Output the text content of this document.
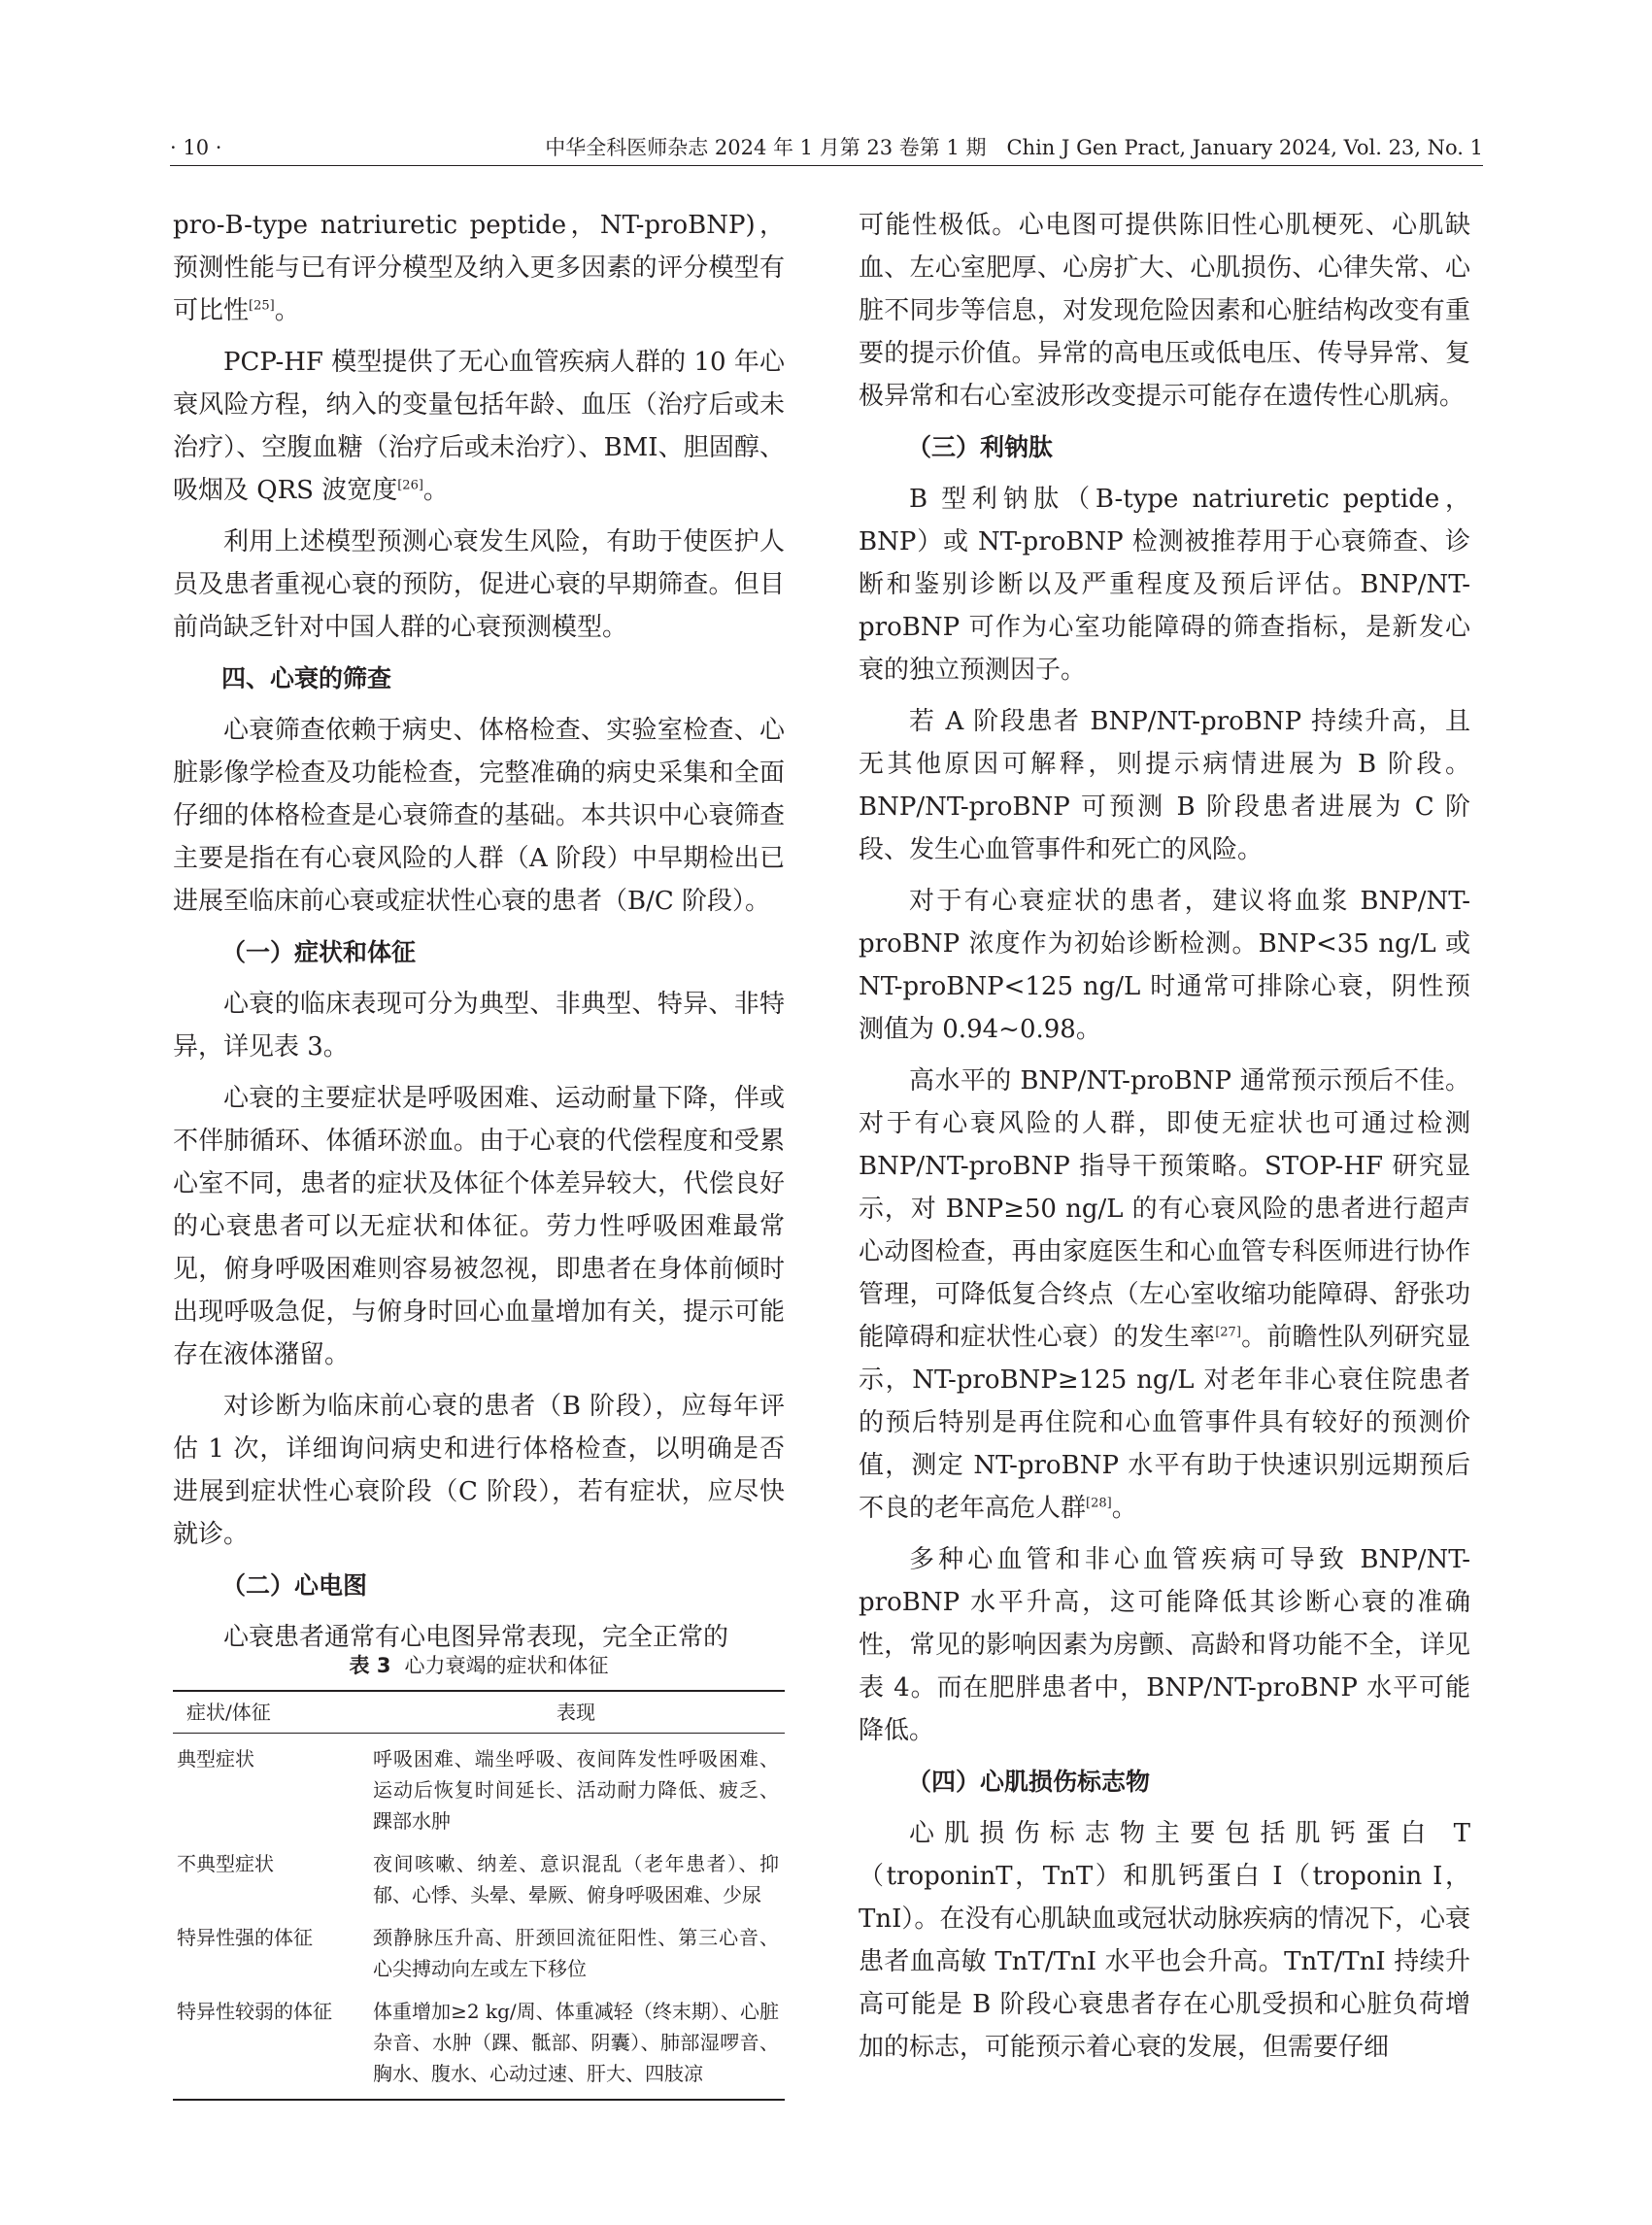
· 10 ·	中华全科医师杂志 2024 年 1 月第 23 卷第 1 期　Chin J Gen Pract, January 2024, Vol. 23, No. 1

pro-B-type natriuretic peptide，NT-proBNP)，预测性能与已有评分模型及纳入更多因素的评分模型有可比性[25]。

PCP-HF 模型提供了无心血管疾病人群的 10 年心衰风险方程，纳入的变量包括年龄、血压（治疗后或未治疗）、空腹血糖（治疗后或未治疗）、BMI、胆固醇、吸烟及 QRS 波宽度[26]。

利用上述模型预测心衰发生风险，有助于使医护人员及患者重视心衰的预防，促进心衰的早期筛查。但目前尚缺乏针对中国人群的心衰预测模型。

四、心衰的筛查

心衰筛查依赖于病史、体格检查、实验室检查、心脏影像学检查及功能检查，完整准确的病史采集和全面仔细的体格检查是心衰筛查的基础。本共识中心衰筛查主要是指在有心衰风险的人群（A 阶段）中早期检出已进展至临床前心衰或症状性心衰的患者（B/C 阶段）。

（一）症状和体征

心衰的临床表现可分为典型、非典型、特异、非特异，详见表 3。

心衰的主要症状是呼吸困难、运动耐量下降，伴或不伴肺循环、体循环淤血。由于心衰的代偿程度和受累心室不同，患者的症状及体征个体差异较大，代偿良好的心衰患者可以无症状和体征。劳力性呼吸困难最常见，俯身呼吸困难则容易被忽视，即患者在身体前倾时出现呼吸急促，与俯身时回心血量增加有关，提示可能存在液体潴留。

对诊断为临床前心衰的患者（B 阶段），应每年评估 1 次，详细询问病史和进行体格检查，以明确是否进展到症状性心衰阶段（C 阶段），若有症状，应尽快就诊。

（二）心电图

心衰患者通常有心电图异常表现，完全正常的

表 3 心力衰竭的症状和体征
症状/体征	表现
典型症状	呼吸困难、端坐呼吸、夜间阵发性呼吸困难、运动后恢复时间延长、活动耐力降低、疲乏、踝部水肿
不典型症状	夜间咳嗽、纳差、意识混乱（老年患者）、抑郁、心悸、头晕、晕厥、俯身呼吸困难、少尿
特异性强的体征	颈静脉压升高、肝颈回流征阳性、第三心音、心尖搏动向左或左下移位
特异性较弱的体征	体重增加≥2 kg/周、体重减轻（终末期）、心脏杂音、水肿（踝、骶部、阴囊）、肺部湿啰音、胸水、腹水、心动过速、肝大、四肢凉

可能性极低。心电图可提供陈旧性心肌梗死、心肌缺血、左心室肥厚、心房扩大、心肌损伤、心律失常、心脏不同步等信息，对发现危险因素和心脏结构改变有重要的提示价值。异常的高电压或低电压、传导异常、复极异常和右心室波形改变提示可能存在遗传性心肌病。

（三）利钠肽

B 型利钠肽（B-type natriuretic peptide，BNP）或 NT-proBNP 检测被推荐用于心衰筛查、诊断和鉴别诊断以及严重程度及预后评估。BNP/NT-proBNP 可作为心室功能障碍的筛查指标，是新发心衰的独立预测因子。

若 A 阶段患者 BNP/NT-proBNP 持续升高，且无其他原因可解释，则提示病情进展为 B 阶段。BNP/NT-proBNP 可预测 B 阶段患者进展为 C 阶段、发生心血管事件和死亡的风险。

对于有心衰症状的患者，建议将血浆 BNP/NT-proBNP 浓度作为初始诊断检测。BNP<35 ng/L 或 NT-proBNP<125 ng/L 时通常可排除心衰，阴性预测值为 0.94~0.98。

高水平的 BNP/NT-proBNP 通常预示预后不佳。对于有心衰风险的人群，即使无症状也可通过检测 BNP/NT-proBNP 指导干预策略。STOP-HF 研究显示，对 BNP≥50 ng/L 的有心衰风险的患者进行超声心动图检查，再由家庭医生和心血管专科医师进行协作管理，可降低复合终点（左心室收缩功能障碍、舒张功能障碍和症状性心衰）的发生率[27]。前瞻性队列研究显示，NT-proBNP≥125 ng/L 对老年非心衰住院患者的预后特别是再住院和心血管事件具有较好的预测价值，测定 NT-proBNP 水平有助于快速识别远期预后不良的老年高危人群[28]。

多种心血管和非心血管疾病可导致 BNP/NT-proBNP 水平升高，这可能降低其诊断心衰的准确性，常见的影响因素为房颤、高龄和肾功能不全，详见表 4。而在肥胖患者中，BNP/NT-proBNP 水平可能降低。

（四）心肌损伤标志物

心肌损伤标志物主要包括肌钙蛋白 T（troponinT，TnT）和肌钙蛋白 I（troponin I，TnI）。在没有心肌缺血或冠状动脉疾病的情况下，心衰患者血高敏 TnT/TnI 水平也会升高。TnT/TnI 持续升高可能是 B 阶段心衰患者存在心肌受损和心脏负荷增加的标志，可能预示着心衰的发展，但需要仔细
